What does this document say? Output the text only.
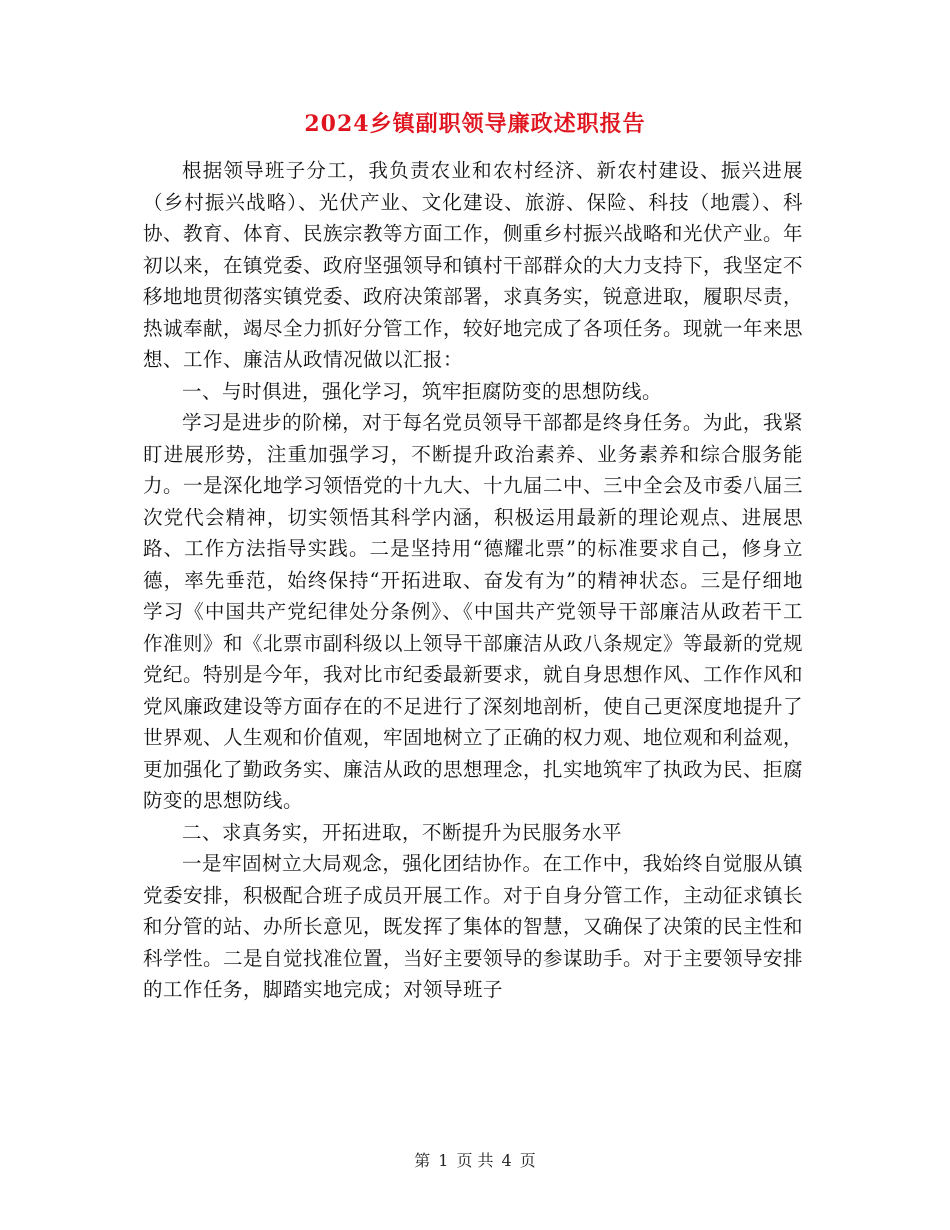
2024乡镇副职领导廉政述职报告

根据领导班子分工，我负责农业和农村经济、新农村建设、振兴进展（乡村振兴战略）、光伏产业、文化建设、旅游、保险、科技（地震）、科协、教育、体育、民族宗教等方面工作，侧重乡村振兴战略和光伏产业。年初以来，在镇党委、政府坚强领导和镇村干部群众的大力支持下，我坚定不移地地贯彻落实镇党委、政府决策部署，求真务实，锐意进取，履职尽责，热诚奉献，竭尽全力抓好分管工作，较好地完成了各项任务。现就一年来思想、工作、廉洁从政情况做以汇报：

一、与时俱进，强化学习，筑牢拒腐防变的思想防线。

学习是进步的阶梯，对于每名党员领导干部都是终身任务。为此，我紧盯进展形势，注重加强学习，不断提升政治素养、业务素养和综合服务能力。一是深化地学习领悟党的十九大、十九届二中、三中全会及市委八届三次党代会精神，切实领悟其科学内涵，积极运用最新的理论观点、进展思路、工作方法指导实践。二是坚持用“德耀北票”的标准要求自己，修身立德，率先垂范，始终保持“开拓进取、奋发有为”的精神状态。三是仔细地学习《中国共产党纪律处分条例》、《中国共产党领导干部廉洁从政若干工作准则》和《北票市副科级以上领导干部廉洁从政八条规定》等最新的党规党纪。特别是今年，我对比市纪委最新要求，就自身思想作风、工作作风和党风廉政建设等方面存在的不足进行了深刻地剖析，使自己更深度地提升了世界观、人生观和价值观，牢固地树立了正确的权力观、地位观和利益观，更加强化了勤政务实、廉洁从政的思想理念，扎实地筑牢了执政为民、拒腐防变的思想防线。

二、求真务实，开拓进取，不断提升为民服务水平

一是牢固树立大局观念，强化团结协作。在工作中，我始终自觉服从镇党委安排，积极配合班子成员开展工作。对于自身分管工作，主动征求镇长和分管的站、办所长意见，既发挥了集体的智慧，又确保了决策的民主性和科学性。二是自觉找准位置，当好主要领导的参谋助手。对于主要领导安排的工作任务，脚踏实地完成；对领导班子

第 1 页 共 4 页
